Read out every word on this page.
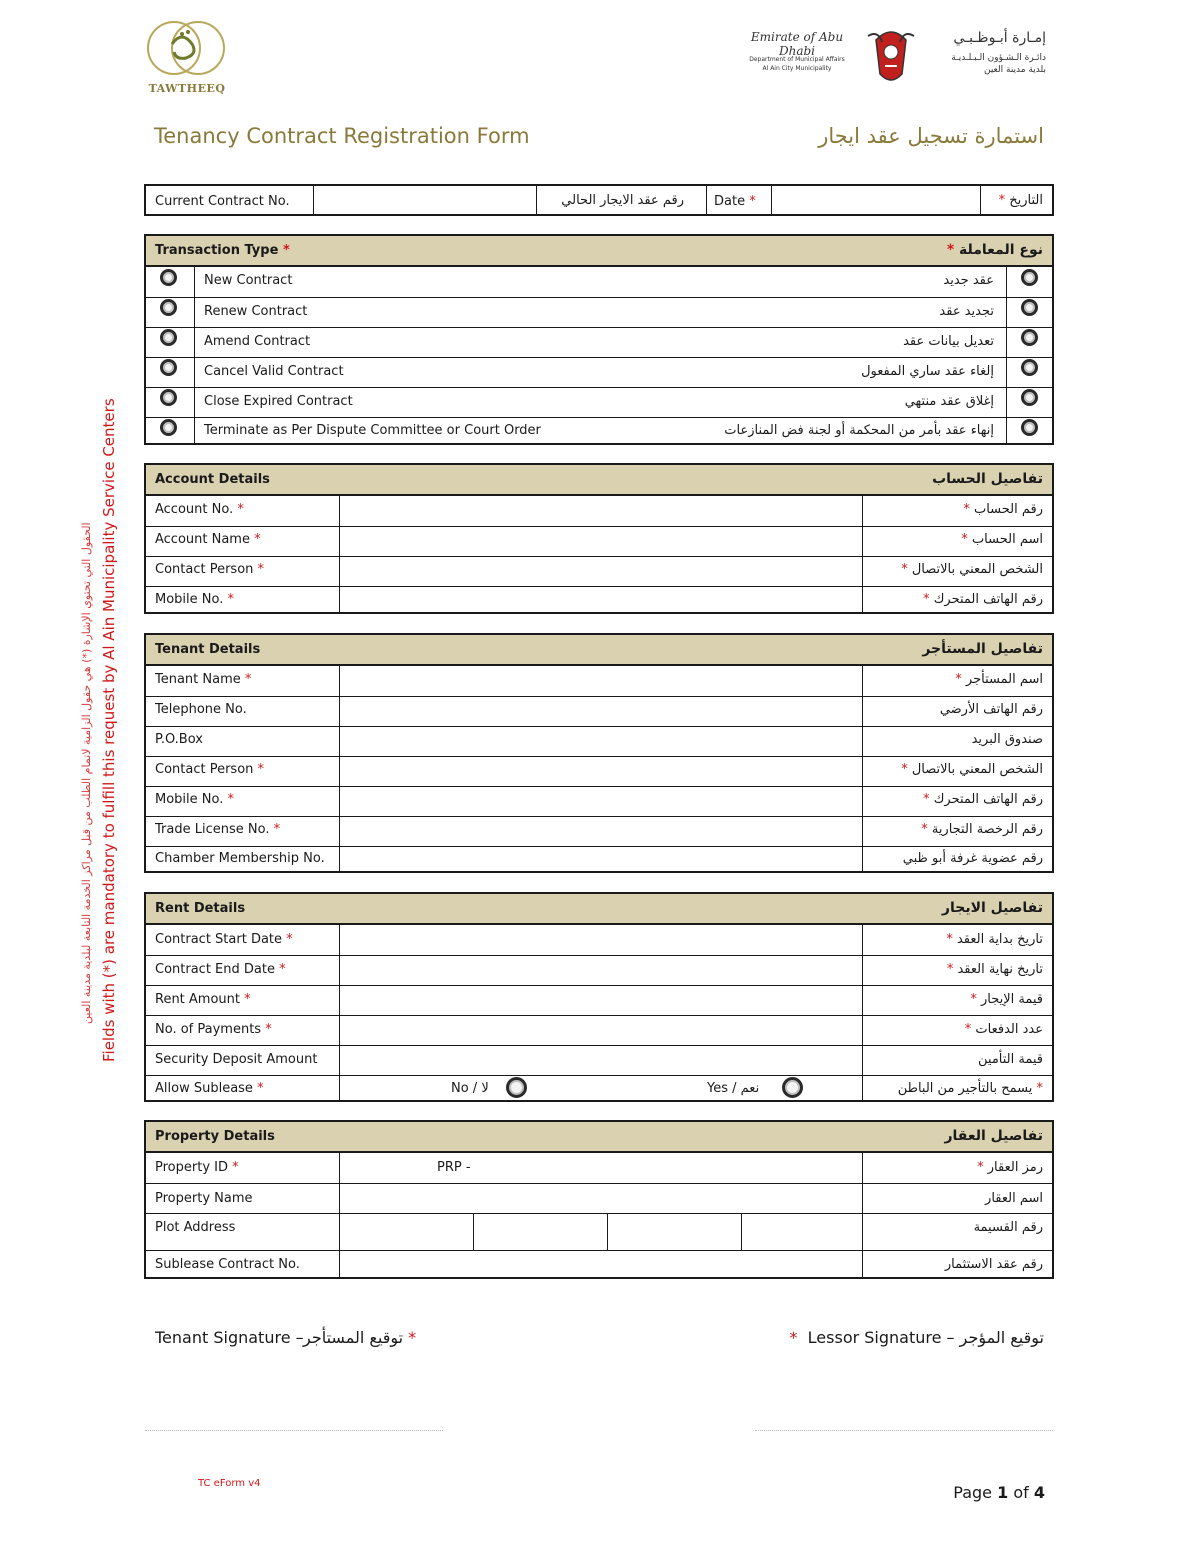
TAWTHEEQ
Emirate of Abu Dhabi
Department of Municipal Affairs
Al Ain City Municipality
إمـارة أبـوظـبـي
دائـرة الـشـؤون الـبـلـديـة
بلدية مدينة العين
Tenancy Contract Registration Form	استمارة تسجيل عقد ايجار
Fields with (*) are mandatory to fulfill this request by Al Ain Municipality Service Centers
الحقول التي تحتوي الإشارة (*) هي حقول الزامية لاتمام الطلب من قبل مراكز الخدمة التابعة لبلدية مدينة العين
Current Contract No.	رقم عقد الايجار الحالي Date *	التاريخ *
Transaction Type *	نوع المعاملة *
New Contract	عقد جديد
Renew Contract	تجديد عقد
Amend Contract	تعديل بيانات عقد
Cancel Valid Contract	إلغاء عقد ساري المفعول
Close Expired Contract	إغلاق عقد منتهي
Terminate as Per Dispute Committee or Court Order	إنهاء عقد بأمر من المحكمة أو لجنة فض المنازعات
Account Details	تفاصيل الحساب
Account No. *	رقم الحساب *
Account Name *	اسم الحساب *
Contact Person *	الشخص المعني بالاتصال *
Mobile No. *	رقم الهاتف المتحرك *
Tenant Details	تفاصيل المستأجر
Tenant Name *	اسم المستأجر *
Telephone No.	رقم الهاتف الأرضي
P.O.Box	صندوق البريد
Contact Person *	الشخص المعني بالاتصال *
Mobile No. *	رقم الهاتف المتحرك *
Trade License No. *	رقم الرخصة التجارية *
Chamber Membership No.	رقم عضوية غرفة أبو ظبي
Rent Details	تفاصيل الايجار
Contract Start Date *	تاريخ بداية العقد *
Contract End Date *	تاريخ نهاية العقد *
Rent Amount *	قيمة الإيجار *
No. of Payments *	عدد الدفعات *
Security Deposit Amount	قيمة التأمين
Allow Sublease *	No / لا	Yes / نعم	* يسمح بالتأجير من الباطن
Property Details	تفاصيل العقار
Property ID *	PRP -	رمز العقار *
Property Name	اسم العقار
Plot Address	رقم القسيمة
Sublease Contract No.	رقم عقد الاستثمار
Tenant Signature – توقيع المستأجر *	* Lessor Signature – توقيع المؤجر
TC eForm v4	Page 1 of 4
